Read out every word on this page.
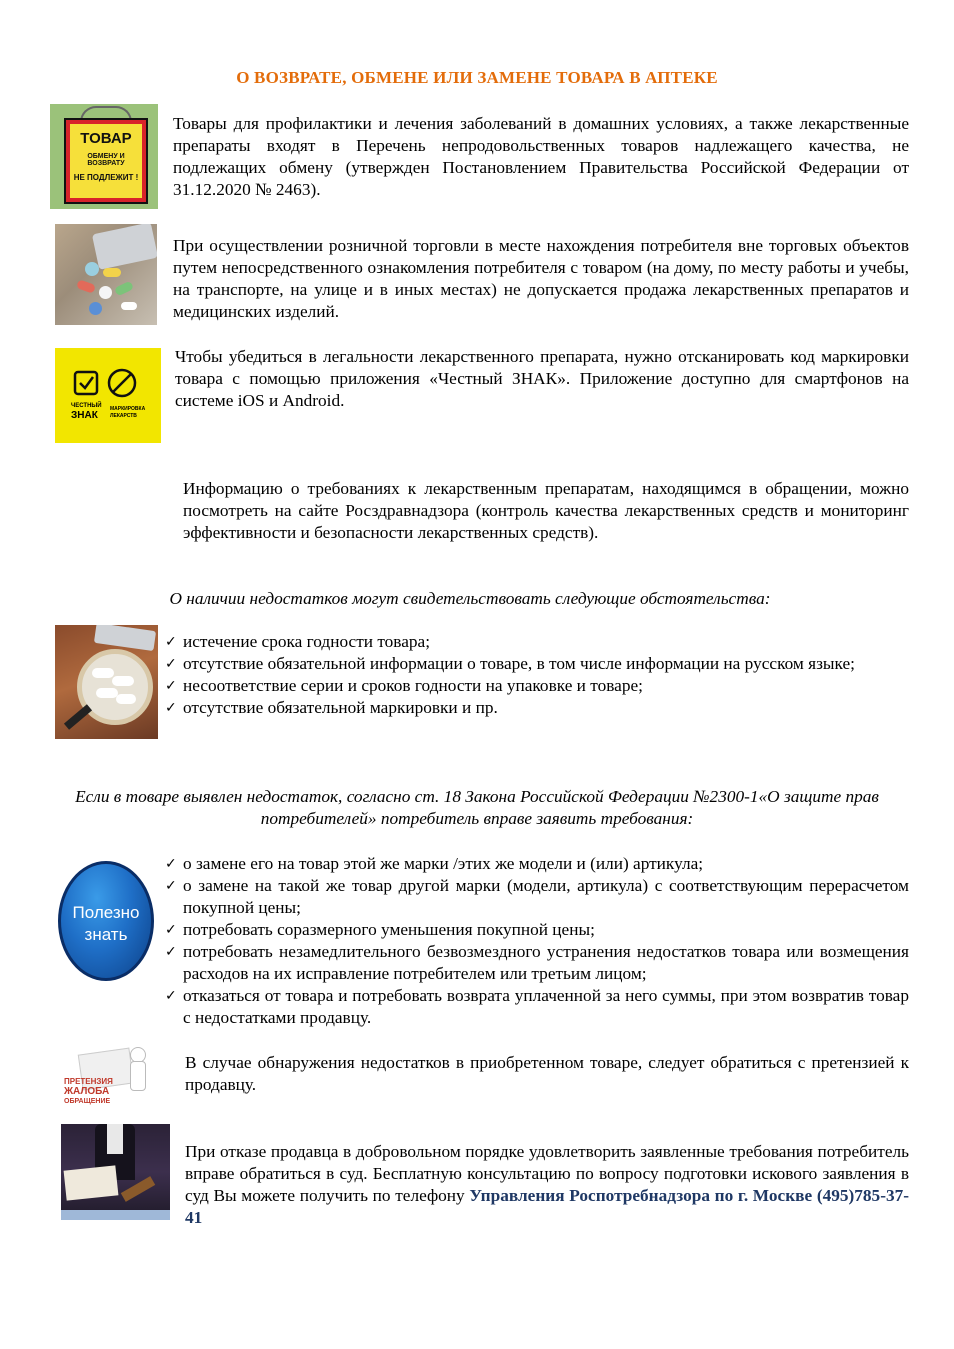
О ВОЗВРАТЕ, ОБМЕНЕ ИЛИ ЗАМЕНЕ ТОВАРА В АПТЕКЕ
ТОВАР
ОБМЕНУ И ВОЗВРАТУ
НЕ ПОДЛЕЖИТ !
Товары для профилактики и лечения заболеваний в домашних условиях, а также лекарственные препараты входят в Перечень непродовольственных товаров надлежащего качества, не подлежащих обмену (утвержден Постановлением Правительства Российской Федерации от 31.12.2020 № 2463).
При осуществлении розничной торговли в месте нахождения потребителя вне торговых объектов путем непосредственного ознакомления потребителя с товаром (на дому, по месту работы и учебы, на транспорте, на улице и в иных местах) не допускается продажа лекарственных препаратов и медицинских изделий.
ЧЕСТНЫЙ
ЗНАК
МАРКИРОВКА
ЛЕКАРСТВ
Чтобы убедиться в легальности лекарственного препарата, нужно отсканировать код маркировки товара с помощью приложения «Честный ЗНАК». Приложение доступно для смартфонов на системе iOS и Android.
Информацию о требованиях к лекарственным препаратам, находящимся в обращении, можно посмотреть на сайте Росздравнадзора (контроль качества лекарственных средств и мониторинг эффективности и безопасности лекарственных средств).
О наличии недостатков могут свидетельствовать следующие обстоятельства:
✓ истечение срока годности товара;
✓ отсутствие обязательной информации о товаре, в том числе информации на русском языке;
✓ несоответствие серии и сроков годности на упаковке и товаре;
✓ отсутствие обязательной маркировки и пр.
Если в товаре выявлен недостаток, согласно ст. 18 Закона Российской Федерации №2300-1«О защите прав потребителей» потребитель вправе заявить требования:
Полезно
знать
✓ о замене его на товар этой же марки /этих же модели и (или) артикула;
✓ о замене на такой же товар другой марки (модели, артикула) с соответствующим перерасчетом покупной цены;
✓ потребовать соразмерного уменьшения покупной цены;
✓ потребовать незамедлительного безвозмездного устранения недостатков товара или возмещения расходов на их исправление потребителем или третьим лицом;
✓ отказаться от товара и потребовать возврата уплаченной за него суммы, при этом возвратив товар с недостатками продавцу.
ПРЕТЕНЗИЯ
ЖАЛОБА
ОБРАЩЕНИЕ
В случае обнаружения недостатков в приобретенном товаре, следует обратиться с претензией к продавцу.
При отказе продавца в добровольном порядке удовлетворить заявленные требования потребитель вправе обратиться в суд. Бесплатную консультацию по вопросу подготовки искового заявления в суд Вы можете получить по телефону Управления Роспотребнадзора по г. Москве (495)785-37-41
